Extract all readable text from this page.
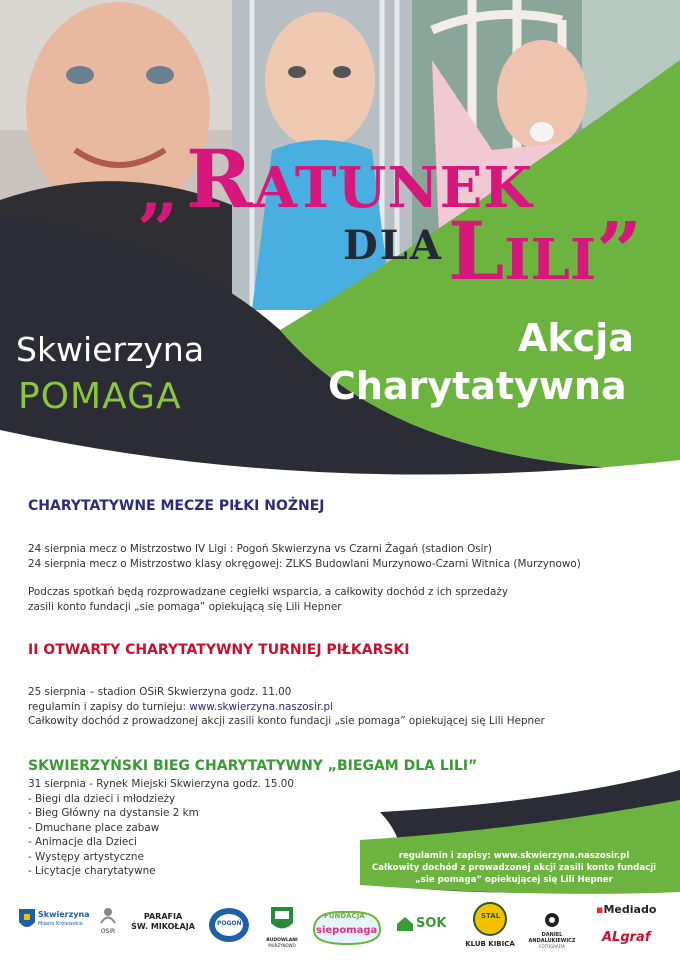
„ Ratunek
DLA Lili”
Skwierzyna
POMAGA
Akcja
Charytatywna
CHARYTATYWNE MECZE PIŁKI NOŻNEJ
24 sierpnia mecz o Mistrzostwo IV Ligi : Pogoń Skwierzyna vs Czarni Żagań (stadion Osir)
24 sierpnia mecz o Mistrzostwo klasy okręgowej: ZLKS Budowlani Murzynowo-Czarni Witnica (Murzynowo)
Podczas spotkań będą rozprowadzane cegiełki wsparcia, a całkowity dochód z ich sprzedaży
zasili konto fundacji „sie pomaga” opiekującą się Lili Hepner
II OTWARTY CHARYTATYWNY TURNIEJ PIŁKARSKI
25 sierpnia – stadion OSiR Skwierzyna godz. 11.00
regulamin i zapisy do turnieju: www.skwierzyna.naszosir.pl
Całkowity dochód z prowadzonej akcji zasili konto fundacji „sie pomaga” opiekującej się Lili Hepner
SKWIERZYŃSKI BIEG CHARYTATYWNY „BIEGAM DLA LILI”
31 sierpnia - Rynek Miejski Skwierzyna godz. 15.00
- Biegi dla dzieci i młodzieży
- Bieg Główny na dystansie 2 km
- Dmuchane place zabaw
- Animacje dla Dzieci
- Występy artystyczne
- Licytacje charytatywne
regulamin i zapisy: www.skwierzyna.naszosir.pl
Całkowity dochód z prowadzonej akcji zasili konto fundacji
„sie pomaga” opiekującej się Lili Hepner
Skwierzyna
Miasto Królewskie
OSiR
PARAFIA
ŚW. MIKOŁAJA	POGOŃ
BUDOWLANI
MURZYNOWO
FUNDACJA
siepomaga	SOK	STAL
KLUB KIBICA
DANIEL ANDALUKIEWICZ
FOTOGRAFIA
▪Mediado
ALgraf
